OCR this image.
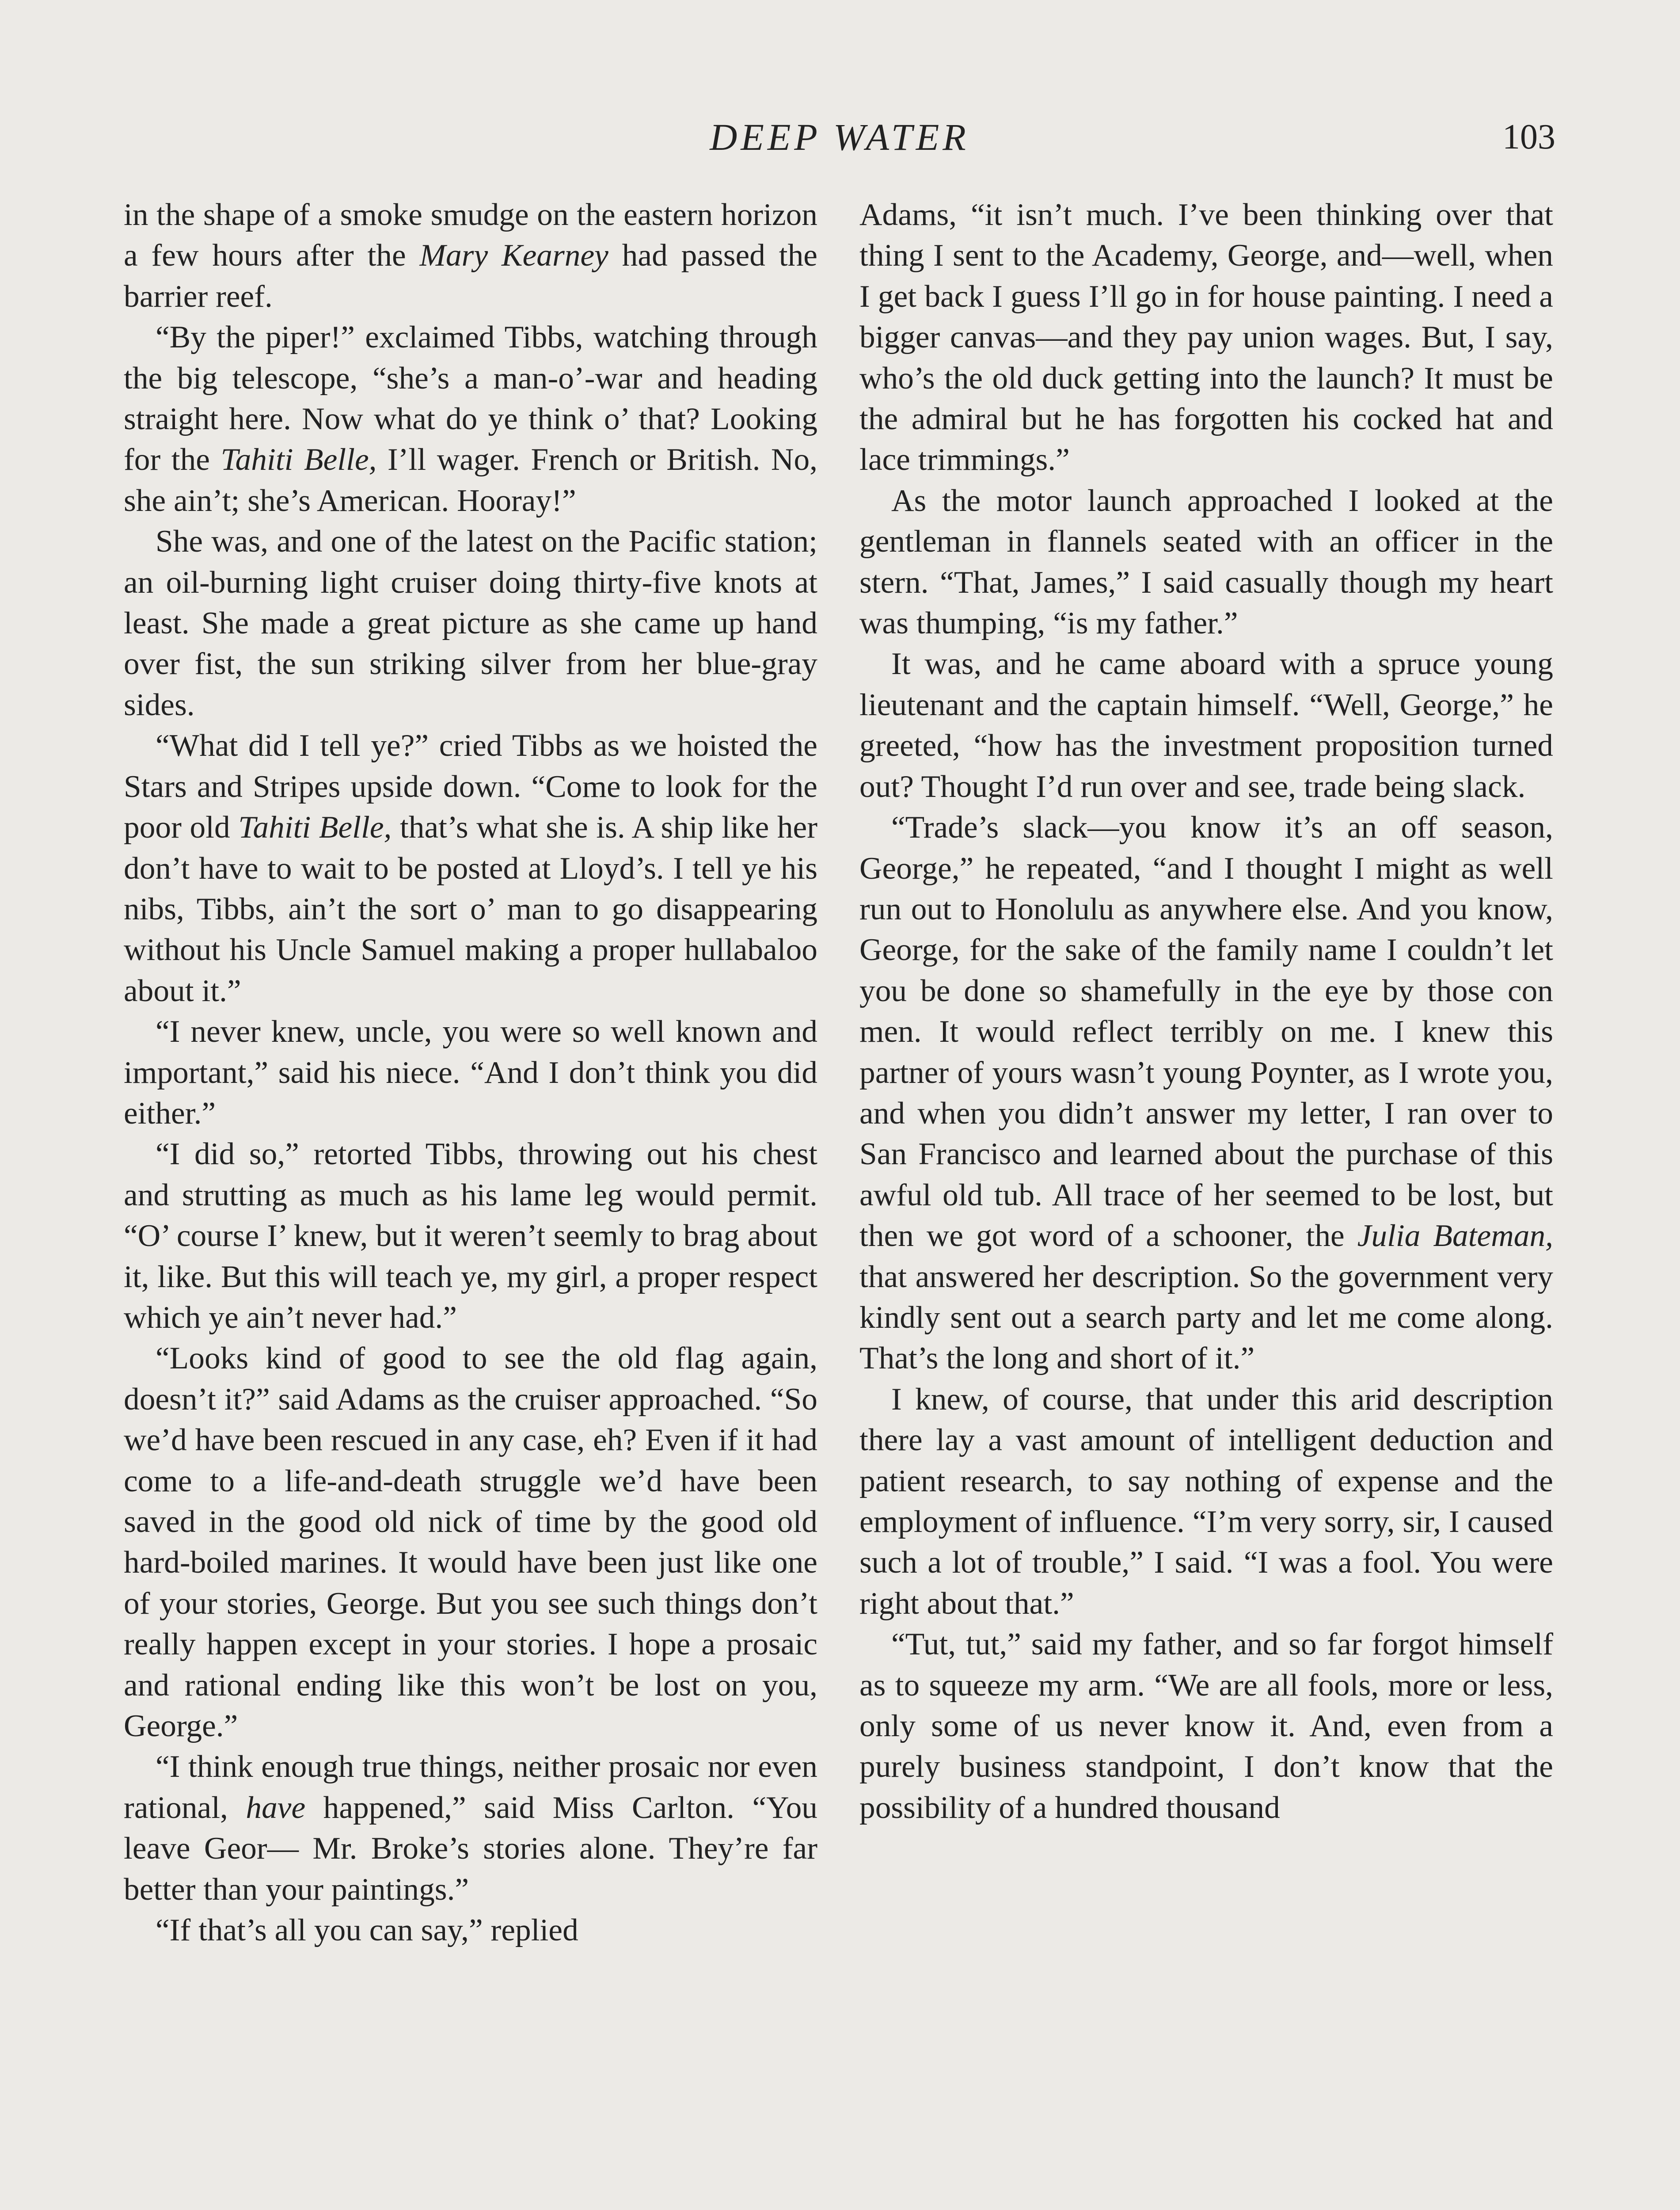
DEEP WATER	103

in the shape of a smoke smudge on the eastern horizon a few hours after the Mary Kearney had passed the barrier reef.

“By the piper!” exclaimed Tibbs, watching through the big telescope, “she’s a man-o’-war and heading straight here. Now what do ye think o’ that? Looking for the Tahiti Belle, I’ll wager. French or British. No, she ain’t; she’s American. Hooray!”

She was, and one of the latest on the Pacific station; an oil-burning light cruiser doing thirty-five knots at least. She made a great picture as she came up hand over fist, the sun striking silver from her blue-gray sides.

“What did I tell ye?” cried Tibbs as we hoisted the Stars and Stripes upside down. “Come to look for the poor old Tahiti Belle, that’s what she is. A ship like her don’t have to wait to be posted at Lloyd’s. I tell ye his nibs, Tibbs, ain’t the sort o’ man to go disappearing without his Uncle Samuel making a proper hullabaloo about it.”

“I never knew, uncle, you were so well known and important,” said his niece. “And I don’t think you did either.”

“I did so,” retorted Tibbs, throwing out his chest and strutting as much as his lame leg would permit. “O’ course I’ knew, but it weren’t seemly to brag about it, like. But this will teach ye, my girl, a proper respect which ye ain’t never had.”

“Looks kind of good to see the old flag again, doesn’t it?” said Adams as the cruiser approached. “So we’d have been rescued in any case, eh? Even if it had come to a life-and-death struggle we’d have been saved in the good old nick of time by the good old hard-boiled marines. It would have been just like one of your stories, George. But you see such things don’t really happen except in your stories. I hope a prosaic and rational ending like this won’t be lost on you, George.”

“I think enough true things, neither prosaic nor even rational, have happened,” said Miss Carlton. “You leave Geor— Mr. Broke’s stories alone. They’re far better than your paintings.”

“If that’s all you can say,” replied

Adams, “it isn’t much. I’ve been thinking over that thing I sent to the Academy, George, and—well, when I get back I guess I’ll go in for house painting. I need a bigger canvas—and they pay union wages. But, I say, who’s the old duck getting into the launch? It must be the admiral but he has forgotten his cocked hat and lace trimmings.”

As the motor launch approached I looked at the gentleman in flannels seated with an officer in the stern. “That, James,” I said casually though my heart was thumping, “is my father.”

It was, and he came aboard with a spruce young lieutenant and the captain himself. “Well, George,” he greeted, “how has the investment proposition turned out? Thought I’d run over and see, trade being slack.

“Trade’s slack—you know it’s an off season, George,” he repeated, “and I thought I might as well run out to Honolulu as anywhere else. And you know, George, for the sake of the family name I couldn’t let you be done so shamefully in the eye by those con men. It would reflect terribly on me. I knew this partner of yours wasn’t young Poynter, as I wrote you, and when you didn’t answer my letter, I ran over to San Francisco and learned about the purchase of this awful old tub. All trace of her seemed to be lost, but then we got word of a schooner, the Julia Bateman, that answered her description. So the government very kindly sent out a search party and let me come along. That’s the long and short of it.”

I knew, of course, that under this arid description there lay a vast amount of intelligent deduction and patient research, to say nothing of expense and the employment of influence. “I’m very sorry, sir, I caused such a lot of trouble,” I said. “I was a fool. You were right about that.”

“Tut, tut,” said my father, and so far forgot himself as to squeeze my arm. “We are all fools, more or less, only some of us never know it. And, even from a purely business standpoint, I don’t know that the possibility of a hundred thousand
